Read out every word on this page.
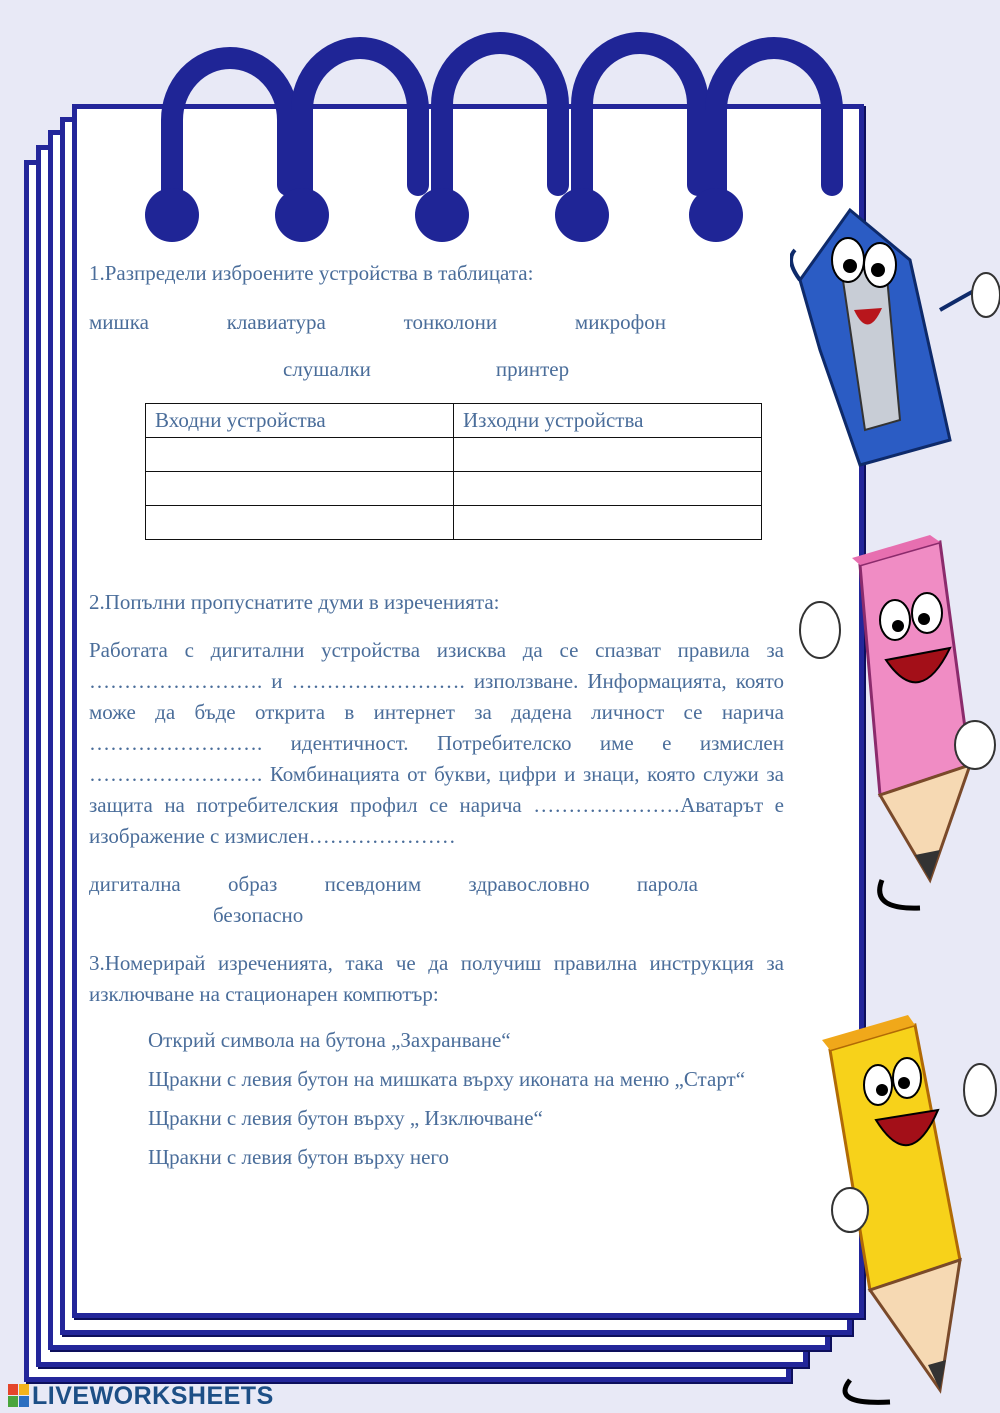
1.Разпредели изброените устройства в таблицата:

мишка	клавиатура	тонколони	микрофон
слушалки	принтер
Входни устройства	Изходни устройства

2.Попълни пропуснатите думи в изреченията:

Работата с дигитални устройства изисква да се спазват правила за ……………………. и ……………………. използване. Информацията, която може да бъде открита в интернет за дадена личност се нарича ……………………. идентичност. Потребителско име е измислен ……………………. Комбинацията от букви, цифри и знаци, която служи за защита на потребителския профил се нарича …………………Аватарът е изображение с измислен…………………

дигитална образ псевдоним здравословно парола
безопасно

3.Номерирай изреченията, така че да получиш правилна инструкция за изключване на стационарен компютър:

Открий символа на бутона „Захранване“
Щракни с левия бутон на мишката върху иконата на меню „Старт“
Щракни с левия бутон върху „ Изключване“
Щракни с левия бутон върху него
LIVEWORKSHEETS
